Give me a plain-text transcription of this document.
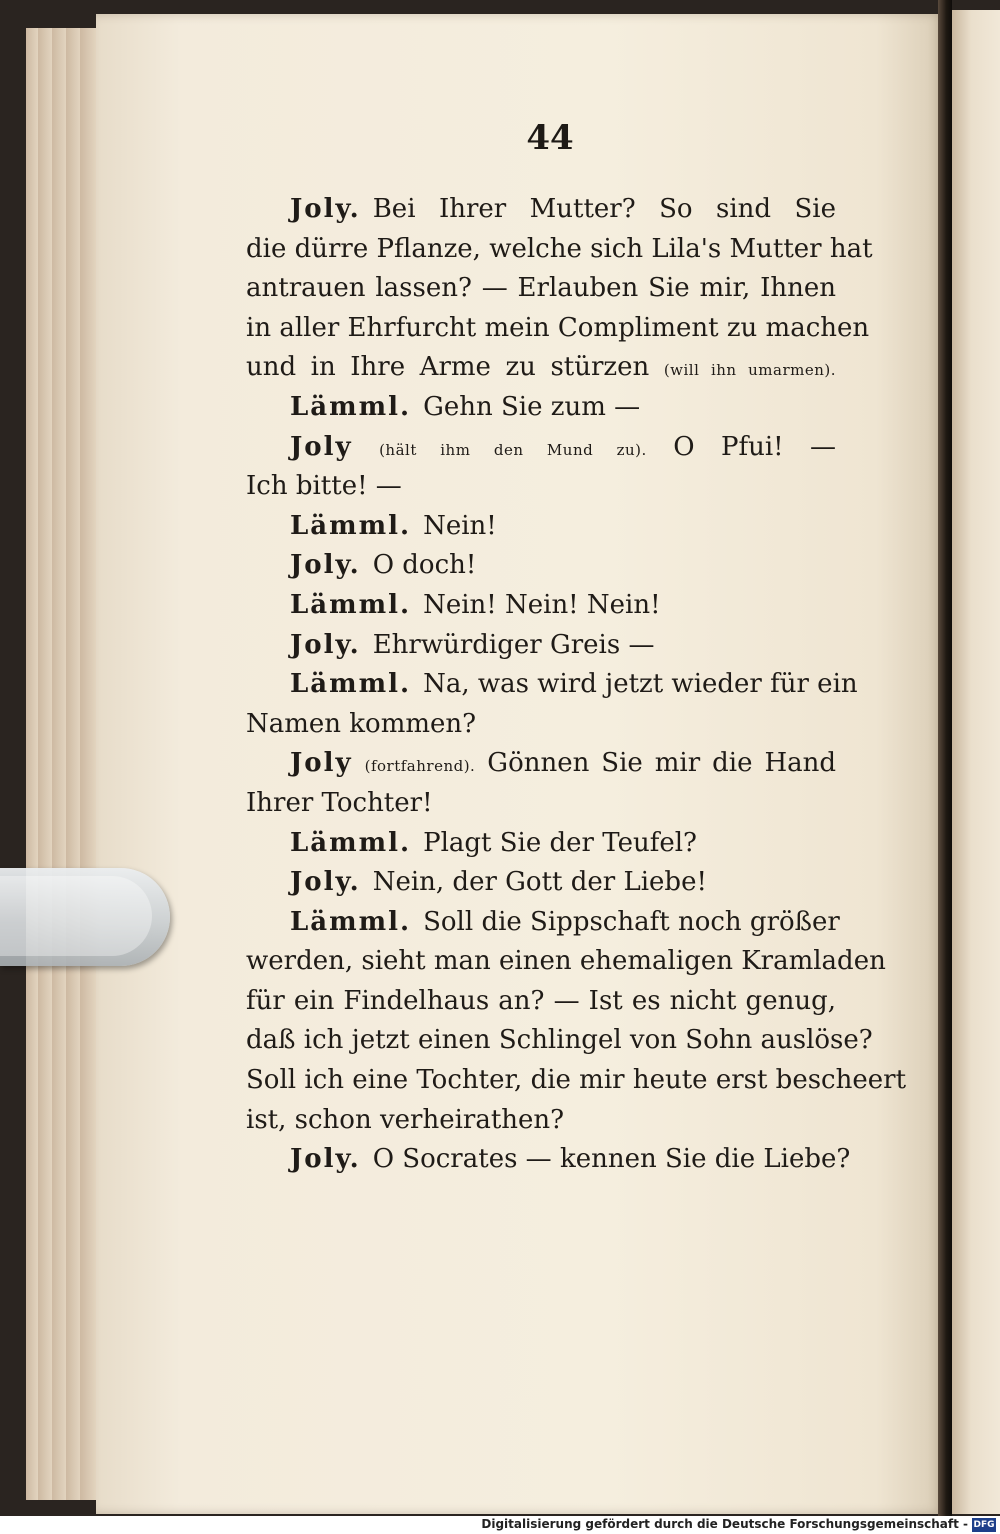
44
Joly. Bei Ihrer Mutter? So sind Sie
die dürre Pflanze, welche sich Lila's Mutter hat
antrauen lassen? — Erlauben Sie mir, Ihnen
in aller Ehrfurcht mein Compliment zu machen
und in Ihre Arme zu stürzen (will ihn umarmen).
Lämml. Gehn Sie zum —
Joly (hält ihm den Mund zu). O Pfui! —
Ich bitte! —
Lämml. Nein!
Joly. O doch!
Lämml. Nein! Nein! Nein!
Joly. Ehrwürdiger Greis —
Lämml. Na, was wird jetzt wieder für ein
Namen kommen?
Joly (fortfahrend). Gönnen Sie mir die Hand
Ihrer Tochter!
Lämml. Plagt Sie der Teufel?
Joly. Nein, der Gott der Liebe!
Lämml. Soll die Sippschaft noch größer
werden, sieht man einen ehemaligen Kramladen
für ein Findelhaus an? — Ist es nicht genug,
daß ich jetzt einen Schlingel von Sohn auslöse?
Soll ich eine Tochter, die mir heute erst bescheert
ist, schon verheirathen?
Joly. O Socrates — kennen Sie die Liebe?
Digitalisierung gefördert durch die Deutsche Forschungsgemeinschaft - DFG
